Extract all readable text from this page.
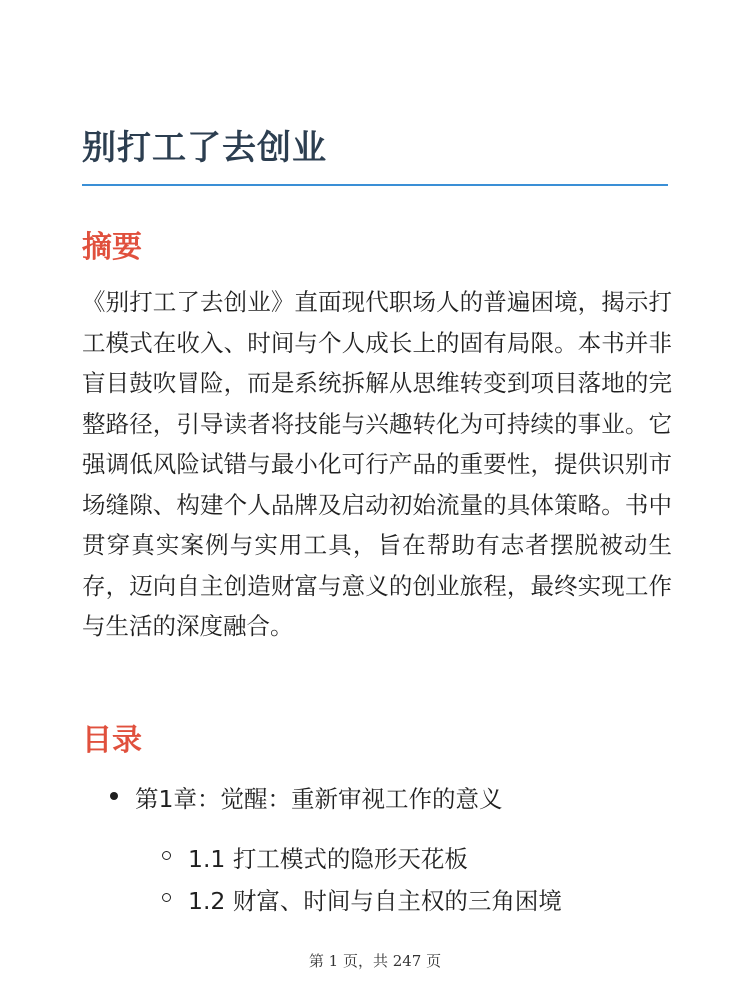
别打工了去创业
摘要

《别打工了去创业》直面现代职场人的普遍困境，揭示打工模式在收入、时间与个人成长上的固有局限。本书并非盲目鼓吹冒险，而是系统拆解从思维转变到项目落地的完整路径，引导读者将技能与兴趣转化为可持续的事业。它强调低风险试错与最小化可行产品的重要性，提供识别市场缝隙、构建个人品牌及启动初始流量的具体策略。书中贯穿真实案例与实用工具，旨在帮助有志者摆脱被动生存，迈向自主创造财富与意义的创业旅程，最终实现工作与生活的深度融合。

目录
第1章：觉醒：重新审视工作的意义
1.1 打工模式的隐形天花板
1.2 财富、时间与自主权的三角困境
第 1 页，共 247 页
